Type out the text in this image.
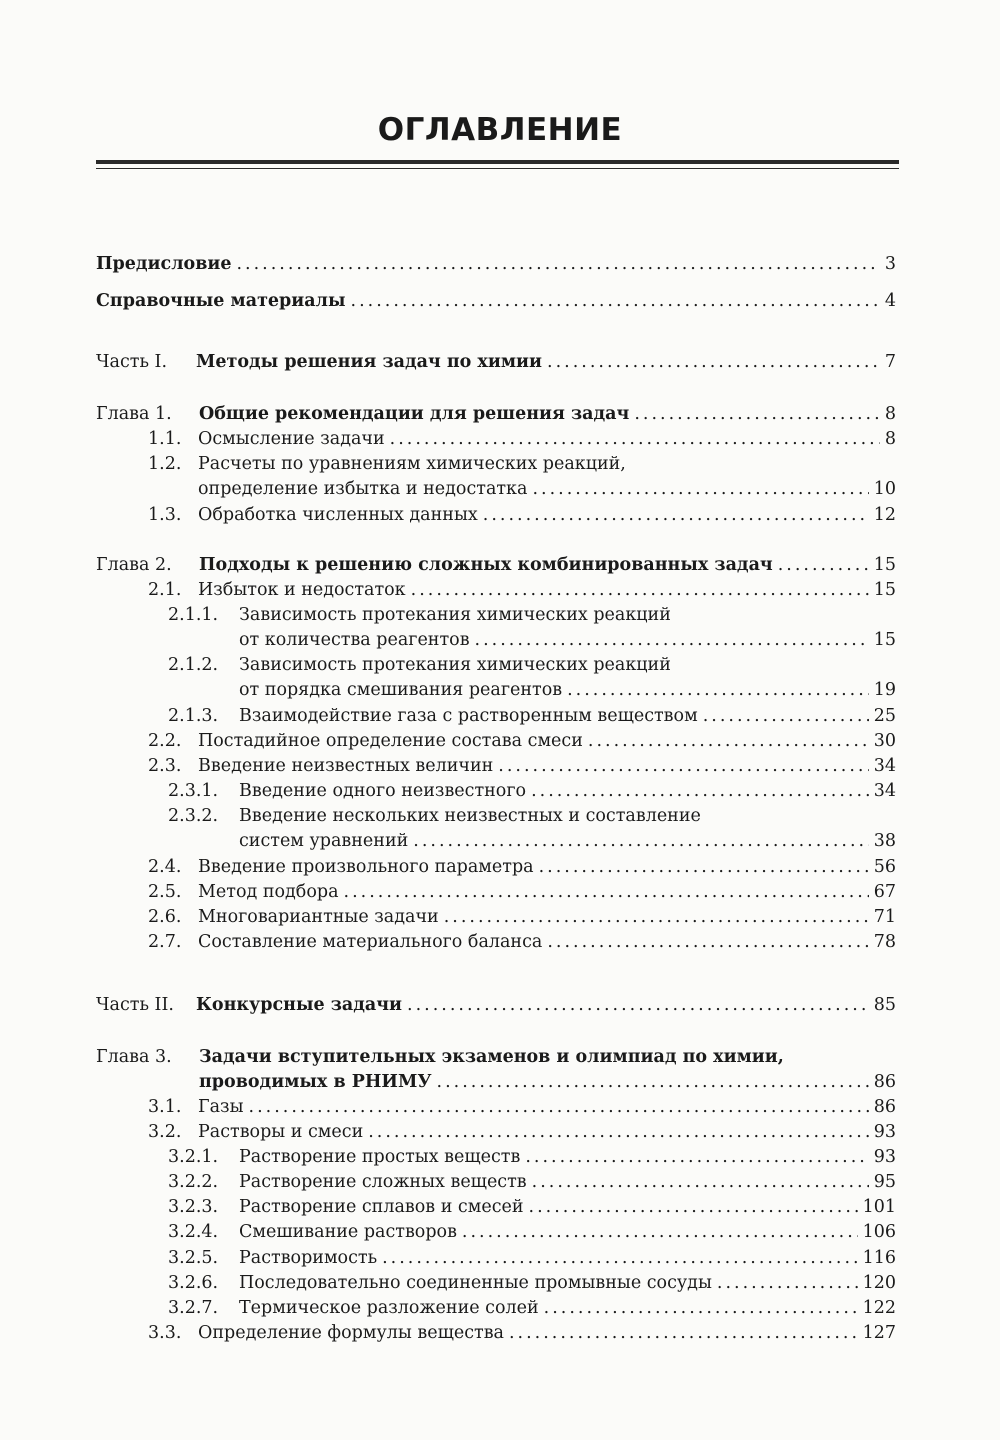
ОГЛАВЛЕНИЕ
Предисловие .....	3
Справочные материалы .....	4
Часть I.	Методы решения задач по химии .....	7
Глава 1.	Общие рекомендации для решения задач .....	8
1.1. Осмысление задачи .....	8
1.2. Расчеты по уравнениям химических реакций,
определение избытка и недостатка .....	10
1.3. Обработка численных данных .....	12
Глава 2.	Подходы к решению сложных комбинированных задач .....	15
2.1. Избыток и недостаток .....	15
2.1.1. Зависимость протекания химических реакций
от количества реагентов .....	15
2.1.2. Зависимость протекания химических реакций
от порядка смешивания реагентов .....	19
2.1.3.	Взаимодействие газа с растворенным веществом .....	25
2.2. Постадийное определение состава смеси .....	30
2.3. Введение неизвестных величин .....	34
2.3.1.	Введение одного неизвестного .....	34
2.3.2. Введение нескольких неизвестных и составление
систем уравнений .....	38
2.4. Введение произвольного параметра .....	56
2.5. Метод подбора .....	67
2.6. Многовариантные задачи .....	71
2.7. Составление материального баланса .....	78
Часть II.	Конкурсные задачи .....	85
Глава 3. Задачи вступительных экзаменов и олимпиад по химии,
проводимых в РНИМУ .....	86
3.1. Газы .....	86
3.2. Растворы и смеси .....	93
3.2.1.	Растворение простых веществ .....	93
3.2.2.	Растворение сложных веществ .....	95
3.2.3.	Растворение сплавов и смесей .....	101
3.2.4.	Смешивание растворов .....	106
3.2.5.	Растворимость .....	116
3.2.6.	Последовательно соединенные промывные сосуды .....	120
3.2.7.	Термическое разложение солей .....	122
3.3. Определение формулы вещества .....	127
